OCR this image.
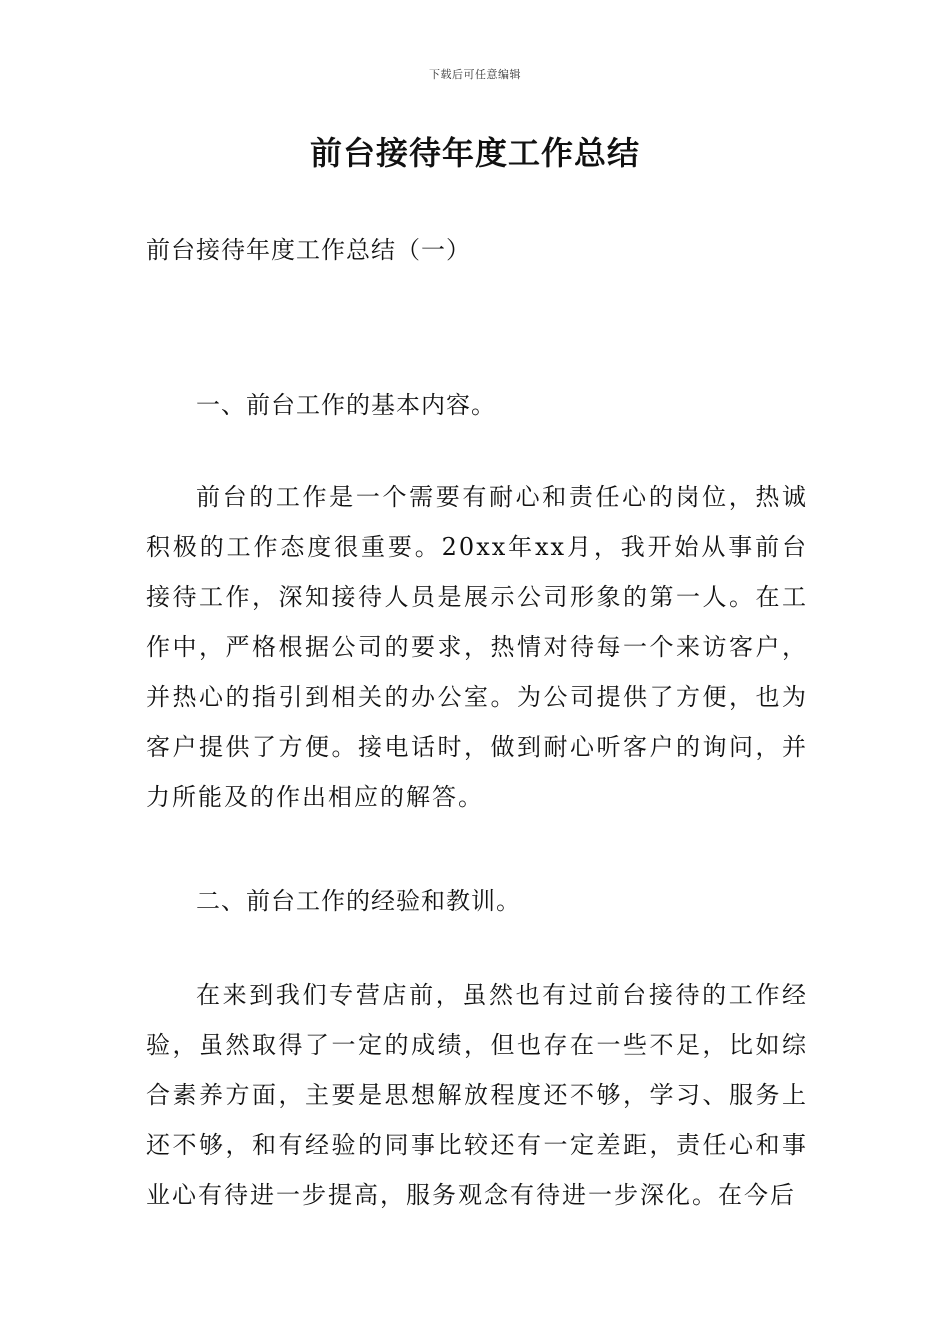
下载后可任意编辑
前台接待年度工作总结

前台接待年度工作总结（一）

一、前台工作的基本内容。

前台的工作是一个需要有耐心和责任心的岗位，热诚积极的工作态度很重要。20xx年xx月，我开始从事前台接待工作，深知接待人员是展示公司形象的第一人。在工作中，严格根据公司的要求，热情对待每一个来访客户，并热心的指引到相关的办公室。为公司提供了方便，也为客户提供了方便。接电话时，做到耐心听客户的询问，并力所能及的作出相应的解答。

二、前台工作的经验和教训。

在来到我们专营店前，虽然也有过前台接待的工作经验，虽然取得了一定的成绩，但也存在一些不足，比如综合素养方面，主要是思想解放程度还不够，学习、服务上还不够，和有经验的同事比较还有一定差距，责任心和事业心有待进一步提高，服务观念有待进一步深化。在今后
